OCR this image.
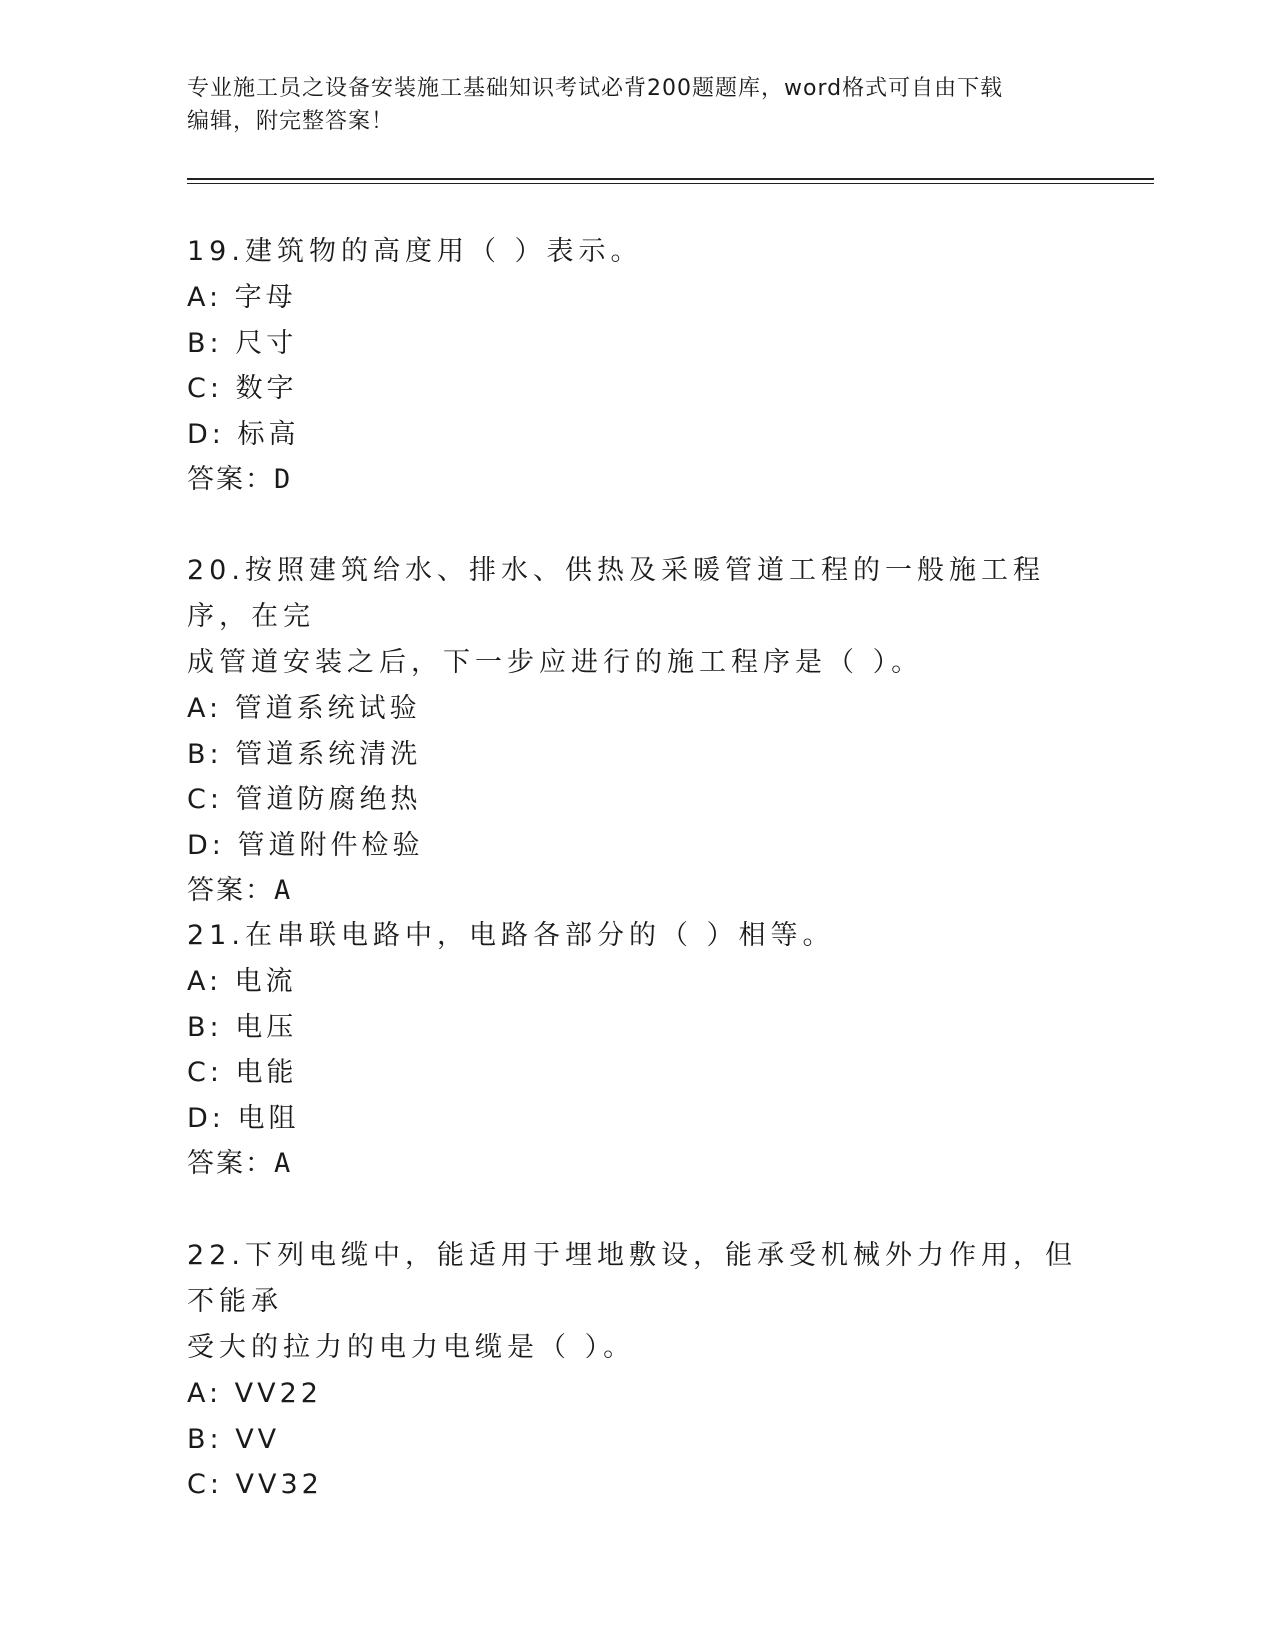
专业施工员之设备安装施工基础知识考试必背200题题库，word格式可自由下载
编辑，附完整答案！

19.建筑物的高度用（ ）表示。

A: 字母

B: 尺寸

C: 数字

D: 标高

答案：D

20.按照建筑给水、排水、供热及采暖管道工程的一般施工程序，在完

成管道安装之后，下一步应进行的施工程序是（ ）。

A: 管道系统试验

B: 管道系统清洗

C: 管道防腐绝热

D: 管道附件检验

答案：A

21.在串联电路中，电路各部分的（ ）相等。

A: 电流

B: 电压

C: 电能

D: 电阻

答案：A

22.下列电缆中，能适用于埋地敷设，能承受机械外力作用，但不能承

受大的拉力的电力电缆是（ ）。

A: VV22

B: VV

C: VV32
